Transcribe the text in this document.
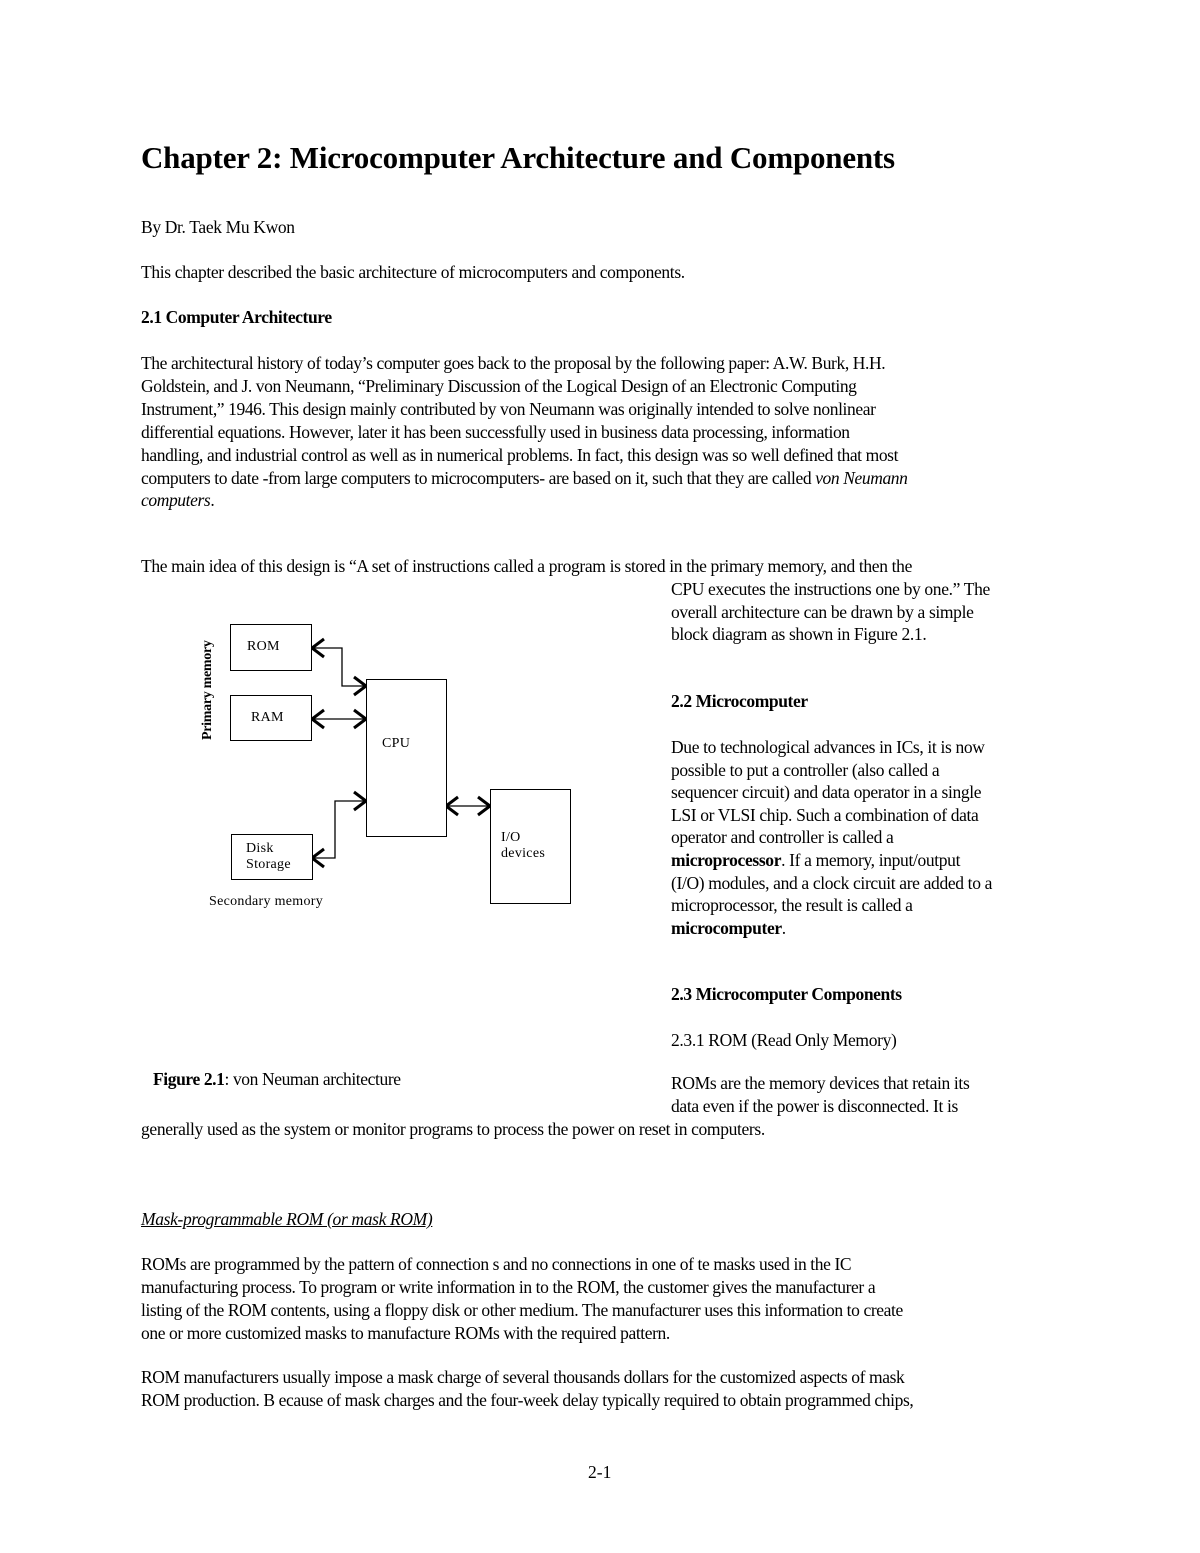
Chapter 2: Microcomputer Architecture and Components
By Dr. Taek Mu Kwon
This chapter described the basic architecture of microcomputers and components.
2.1 Computer Architecture
The architectural history of today’s computer goes back to the proposal by the following paper: A.W. Burk, H.H.
Goldstein, and J. von Neumann, “Preliminary Discussion of the Logical Design of an Electronic Computing
Instrument,” 1946. This design mainly contributed by von Neumann was originally intended to solve nonlinear
differential equations. However, later it has been successfully used in business data processing, information
handling, and industrial control as well as in numerical problems. In fact, this design was so well defined that most
computers to date -from large computers to microcomputers- are based on it, such that they are called von Neumann
computers.
The main idea of this design is “A set of instructions called a program is stored in the primary memory, and then the
CPU executes the instructions one by one.” The
overall architecture can be drawn by a simple
block diagram as shown in Figure 2.1.
2.2 Microcomputer
Due to technological advances in ICs, it is now
possible to put a controller (also called a
sequencer circuit) and data operator in a single
LSI or VLSI chip. Such a combination of data
operator and controller is called a
microprocessor. If a memory, input/output
(I/O) modules, and a clock circuit are added to a
microprocessor, the result is called a
microcomputer.
ROM
RAM
CPU
Disk
Storage
I/O
devices
Primary memory
Secondary memory
Figure 2.1: von Neuman architecture
2.3 Microcomputer Components
2.3.1 ROM (Read Only Memory)
ROMs are the memory devices that retain its
data even if the power is disconnected. It is
generally used as the system or monitor programs to process the power on reset in computers.
Mask-programmable ROM (or mask ROM)
ROMs are programmed by the pattern of connection s and no connections in one of te masks used in the IC
manufacturing process. To program or write information in to the ROM, the customer gives the manufacturer a
listing of the ROM contents, using a floppy disk or other medium. The manufacturer uses this information to create
one or more customized masks to manufacture ROMs with the required pattern.
ROM manufacturers usually impose a mask charge of several thousands dollars for the customized aspects of mask
ROM production. B ecause of mask charges and the four-week delay typically required to obtain programmed chips,
2-1
